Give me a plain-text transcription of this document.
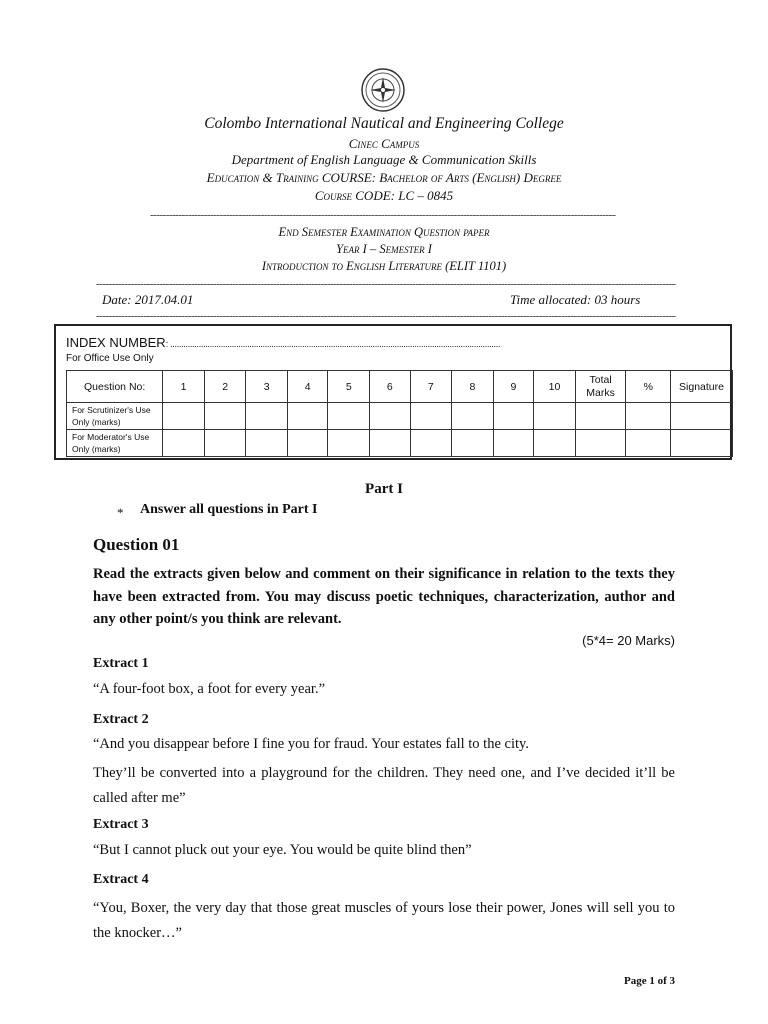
Colombo International Nautical and Engineering College
Cinec Campus
Department of English Language & Communication Skills
Education & Training COURSE: Bachelor of Arts (English) Degree
Course CODE: LC – 0845
-----
End Semester Examination Question paper
Year I – Semester I
Introduction to English Literature (ELIT 1101)
-----
Date: 2017.04.01	Time allocated: 03 hours
-----
INDEX NUMBER: ......................................................................................................................................................
For Office Use Only
Question No:	1	2	3	4	5	6	7	8	9	10	Total Marks	%	Signature
For Scrutinizer's Use Only (marks)													
For Moderator's Use Only (marks)													
Part I
* Answer all questions in Part I
Question 01
Read the extracts given below and comment on their significance in relation to the texts they have been extracted from. You may discuss poetic techniques, characterization, author and any other point/s you think are relevant.
(5*4= 20 Marks)
Extract 1
“A four-foot box, a foot for every year.”
Extract 2
“And you disappear before I fine you for fraud. Your estates fall to the city.
They’ll be converted into a playground for the children. They need one, and I’ve decided it’ll be called after me”
Extract 3
“But I cannot pluck out your eye. You would be quite blind then”
Extract 4
“You, Boxer, the very day that those great muscles of yours lose their power, Jones will sell you to the knocker…”
Page 1 of 3
